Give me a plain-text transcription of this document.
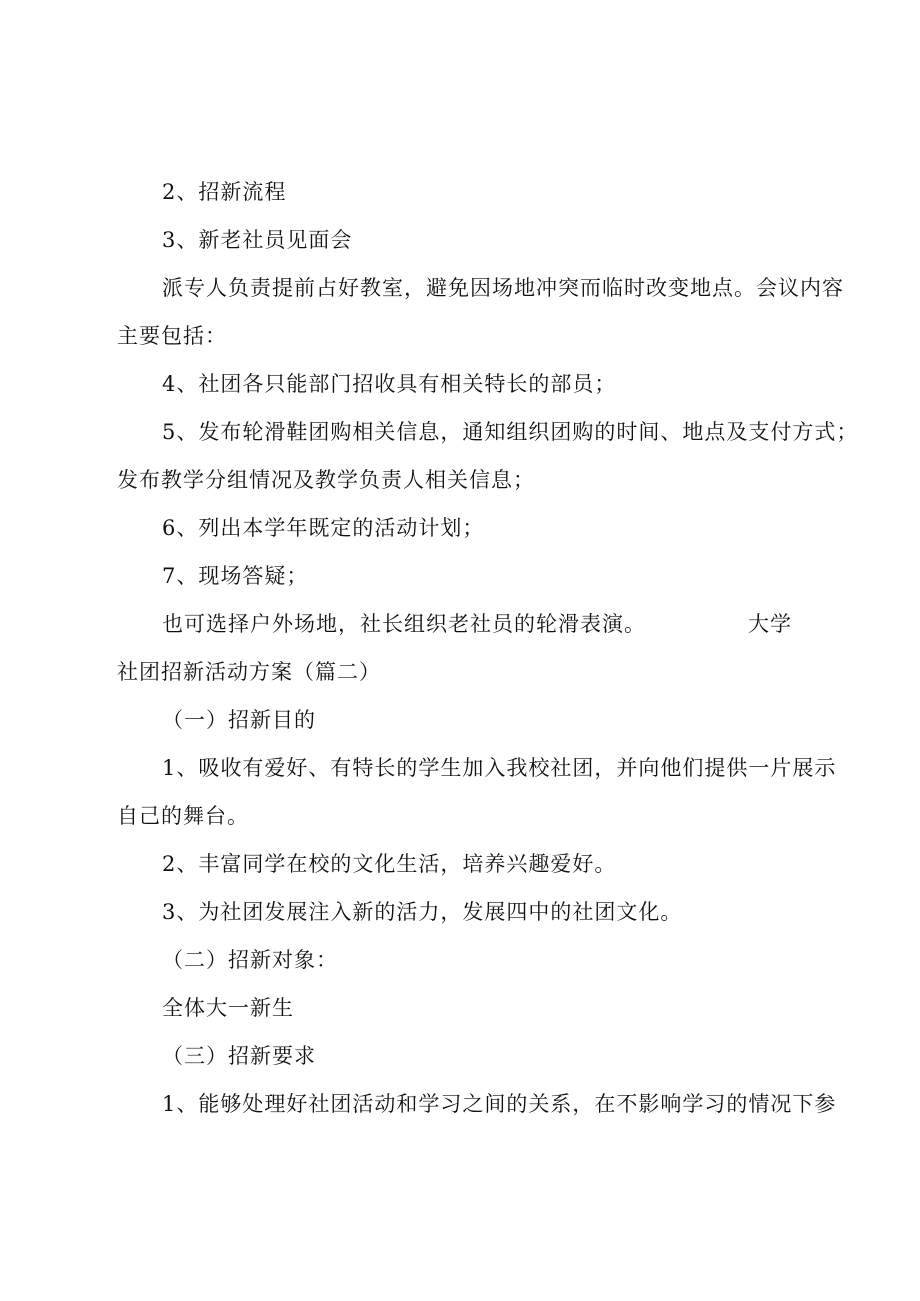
2、招新流程
3、新老社员见面会
派专人负责提前占好教室，避免因场地冲突而临时改变地点。会议内容
主要包括：
4、社团各只能部门招收具有相关特长的部员；
5、发布轮滑鞋团购相关信息，通知组织团购的时间、地点及支付方式；
发布教学分组情况及教学负责人相关信息；
6、列出本学年既定的活动计划；
7、现场答疑；
也可选择户外场地，社长组织老社员的轮滑表演。	大学
社团招新活动方案（篇二）
（一）招新目的
1、吸收有爱好、有特长的学生加入我校社团，并向他们提供一片展示
自己的舞台。
2、丰富同学在校的文化生活，培养兴趣爱好。
3、为社团发展注入新的活力，发展四中的社团文化。
（二）招新对象：
全体大一新生
（三）招新要求
1、能够处理好社团活动和学习之间的关系，在不影响学习的情况下参
